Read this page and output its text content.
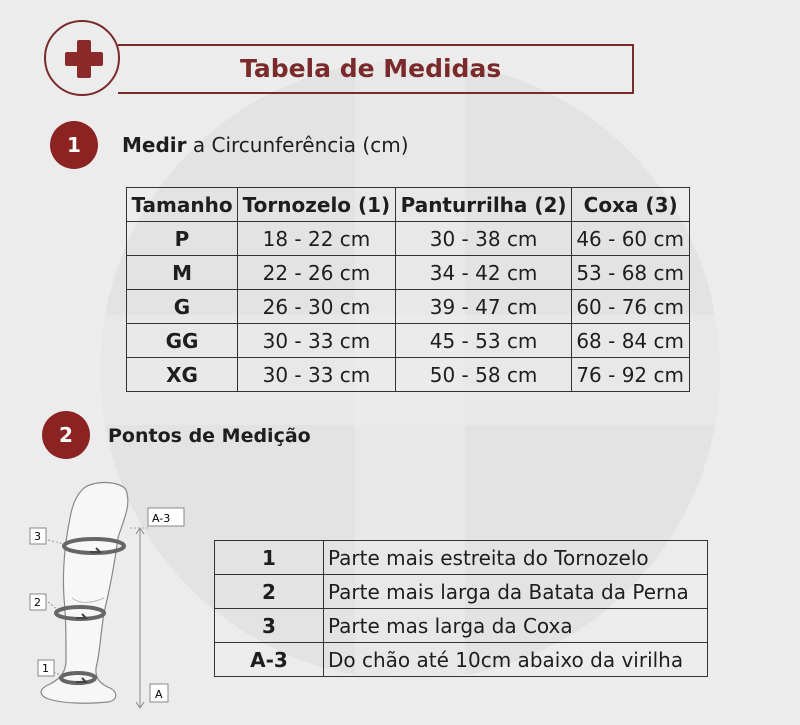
Tabela de Medidas
1	Medir a Circunferência (cm)
Tamanho	Tornozelo (1)	Panturrilha (2)	Coxa (3)
P	18 - 22 cm	30 - 38 cm	46 - 60 cm
M	22 - 26 cm	34 - 42 cm	53 - 68 cm
G	26 - 30 cm	39 - 47 cm	60 - 76 cm
GG	30 - 33 cm	45 - 53 cm	68 - 84 cm
XG	30 - 33 cm	50 - 58 cm	76 - 92 cm
2	Pontos de Medição
3
2
1
A-3
A
1	Parte mais estreita do Tornozelo
2	Parte mais larga da Batata da Perna
3	Parte mas larga da Coxa
A-3	Do chão até 10cm abaixo da virilha
